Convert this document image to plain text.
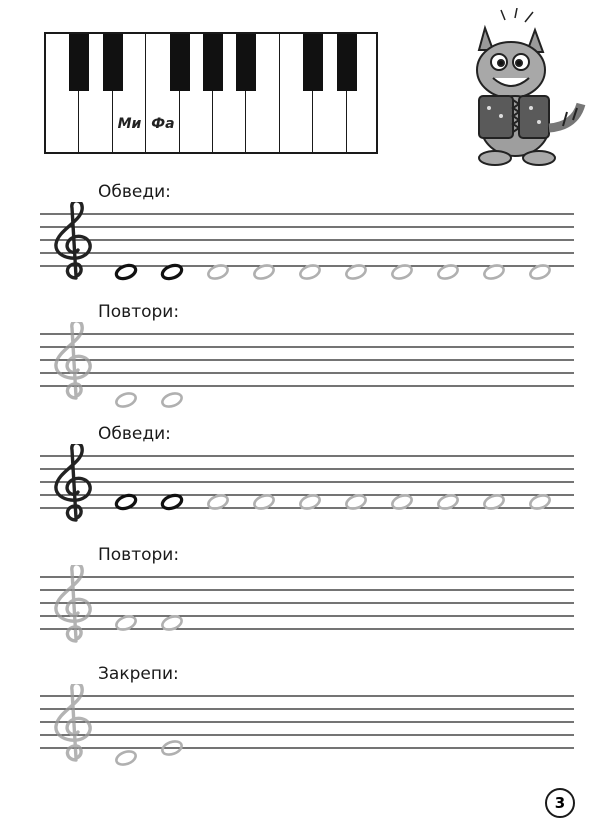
Ми Фа
Обведи:
Повтори:
Обведи:
Повтори:
Закрепи:
3
